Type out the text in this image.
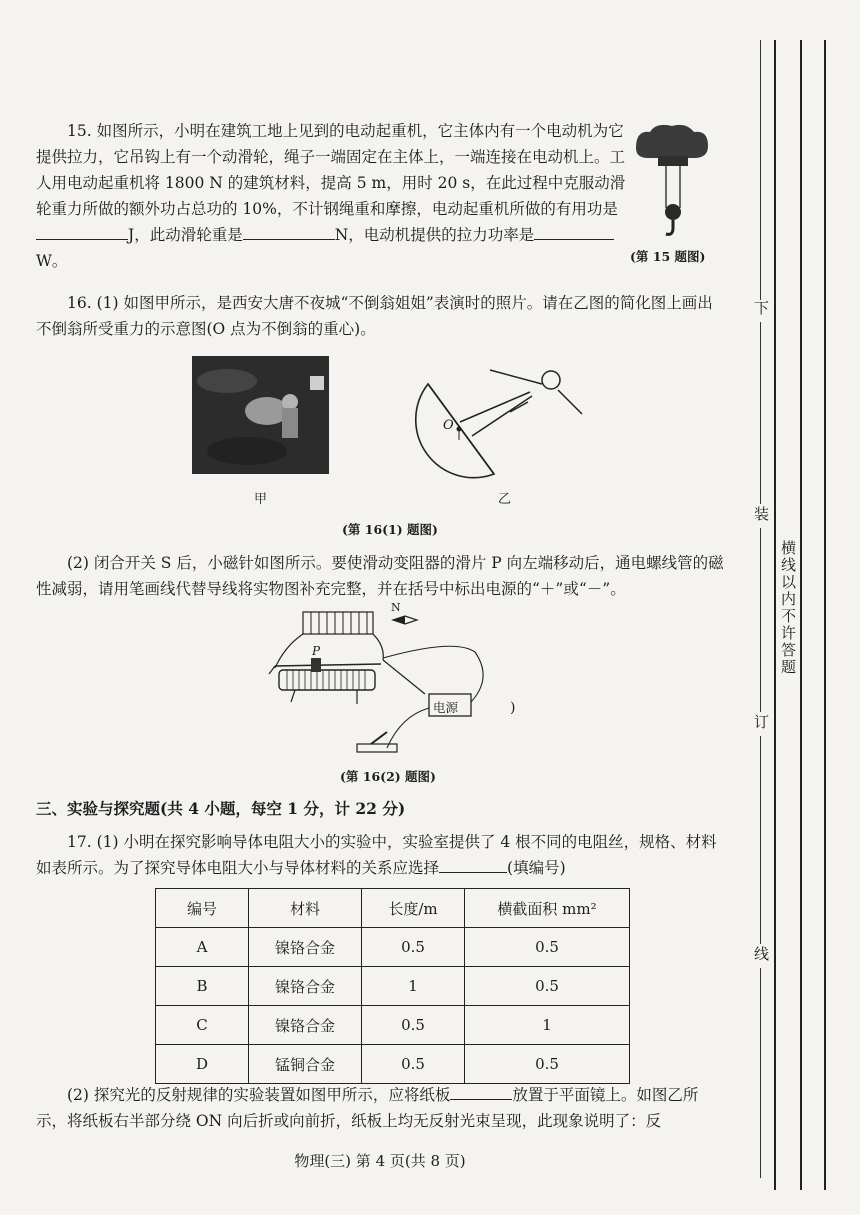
15. 如图所示，小明在建筑工地上见到的电动起重机，它主体内有一个电动机为它提供拉力，它吊钩上有一个动滑轮，绳子一端固定在主体上，一端连接在电动机上。工人用电动起重机将 1800 N 的建筑材料，提高 5 m，用时 20 s，在此过程中克服动滑轮重力所做的额外功占总功的 10%，不计钢绳重和摩擦，电动起重机所做的有用功是J，此动滑轮重是	N，电动机提供的拉力功率是W。	(第 15 题图)
16. (1) 如图甲所示，是西安大唐不夜城“不倒翁姐姐”表演时的照片。请在乙图的简化图上画出不倒翁所受重力的示意图(O 点为不倒翁的重心)。
甲
O
乙
(第 16(1) 题图)
(2) 闭合开关 S 后，小磁针如图所示。要使滑动变阻器的滑片 P 向左端移动后，通电螺线管的磁性减弱，请用笔画线代替导线将实物图补充完整，并在括号中标出电源的“＋”或“－”。
N
P
电源	)
(第 16(2) 题图)
三、实验与探究题(共 4 小题，每空 1 分，计 22 分)
17. (1) 小明在探究影响导体电阻大小的实验中，实验室提供了 4 根不同的电阻丝，规格、材料如表所示。为了探究导体电阻大小与导体材料的关系应选择	(填编号)
编号	材料	长度/m	横截面积 mm²
A	镍铬合金	0.5	0.5
B	镍铬合金	1	0.5
C	镍铬合金	0.5	1
D	锰铜合金	0.5	0.5
(2) 探究光的反射规律的实验装置如图甲所示，应将纸板	放置于平面镜上。如图乙所示，将纸板右半部分绕 ON 向后折或向前折，纸板上均无反射光束呈现，此现象说明了：反
物理(三) 第 4 页(共 8 页)
下
装
订
线
横线以内不许答题
